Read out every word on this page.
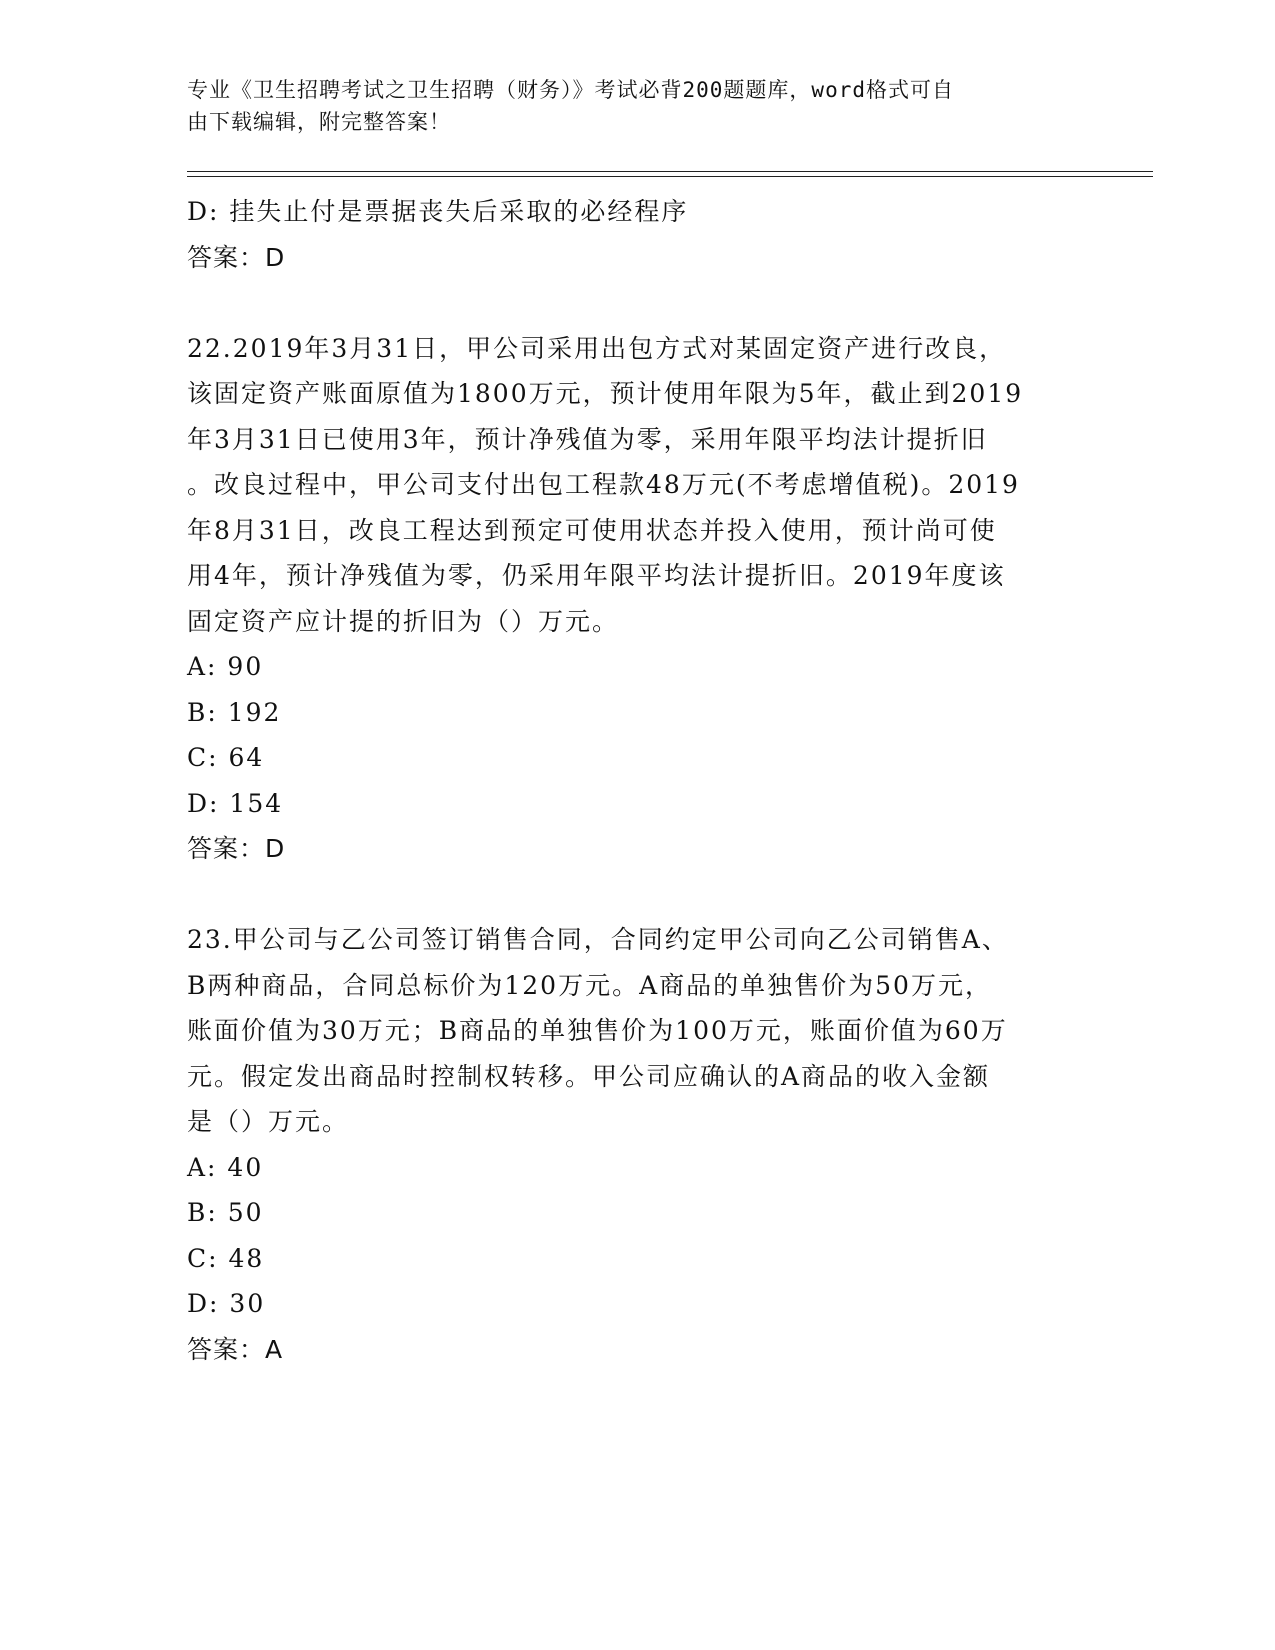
专业《卫生招聘考试之卫生招聘（财务）》考试必背200题题库，word格式可自
由下载编辑，附完整答案！

D: 挂失止付是票据丧失后采取的必经程序

答案：D

22.2019年3月31日，甲公司采用出包方式对某固定资产进行改良，

该固定资产账面原值为1800万元，预计使用年限为5年，截止到2019

年3月31日已使用3年，预计净残值为零，采用年限平均法计提折旧

。改良过程中，甲公司支付出包工程款48万元(不考虑增值税)。2019

年8月31日，改良工程达到预定可使用状态并投入使用，预计尚可使

用4年，预计净残值为零，仍采用年限平均法计提折旧。2019年度该

固定资产应计提的折旧为（）万元。

A: 90

B: 192

C: 64

D: 154

答案：D

23.甲公司与乙公司签订销售合同，合同约定甲公司向乙公司销售A、

B两种商品，合同总标价为120万元。A商品的单独售价为50万元，

账面价值为30万元；B商品的单独售价为100万元，账面价值为60万

元。假定发出商品时控制权转移。甲公司应确认的A商品的收入金额

是（）万元。

A: 40

B: 50

C: 48

D: 30

答案：A
